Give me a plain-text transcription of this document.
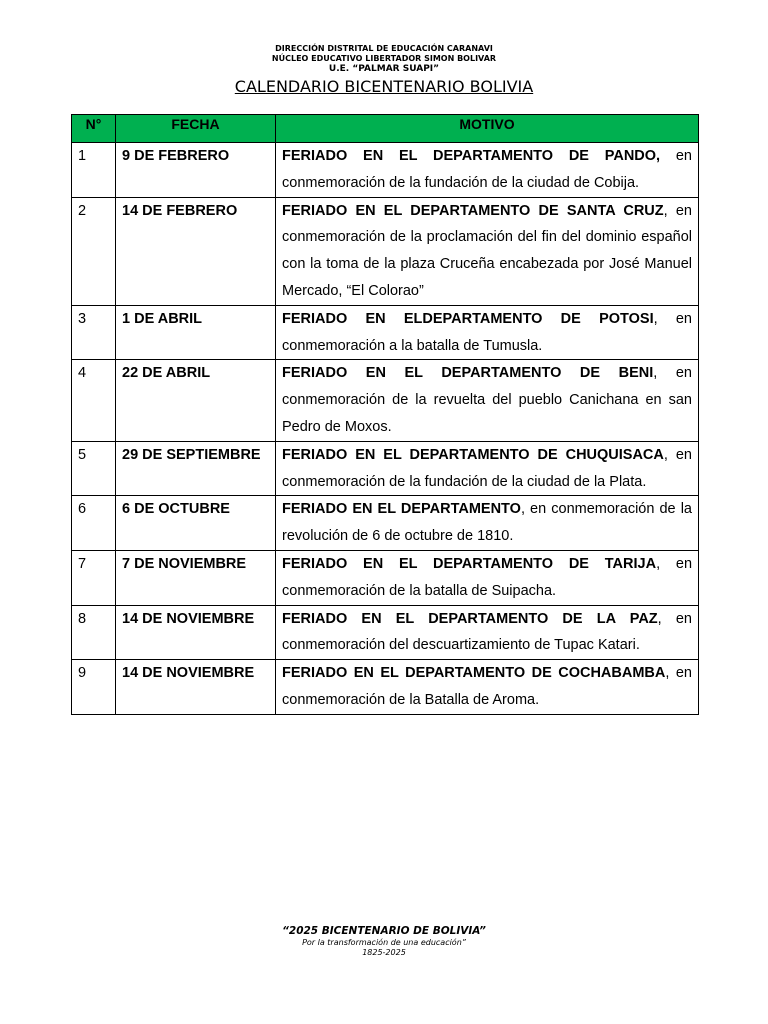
DIRECCIÓN DISTRITAL DE EDUCACIÓN CARANAVI
NÚCLEO EDUCATIVO LIBERTADOR SIMON BOLIVAR
U.E. “PALMAR SUAPI”
CALENDARIO BICENTENARIO BOLIVIA
N°	FECHA	MOTIVO
1	9 DE FEBRERO	FERIADO EN EL DEPARTAMENTO DE PANDO, en conmemoración de la fundación de la ciudad de Cobija.
2	14 DE FEBRERO	FERIADO EN EL DEPARTAMENTO DE SANTA CRUZ, en conmemoración de la proclamación del fin del dominio español con la toma de la plaza Cruceña encabezada por José Manuel Mercado, “El Colorao”
3	1 DE ABRIL	FERIADO EN ELDEPARTAMENTO DE POTOSI, en conmemoración a la batalla de Tumusla.
4	22 DE ABRIL	FERIADO EN EL DEPARTAMENTO DE BENI, en conmemoración de la revuelta del pueblo Canichana en san Pedro de Moxos.
5	29 DE SEPTIEMBRE	FERIADO EN EL DEPARTAMENTO DE CHUQUISACA, en conmemoración de la fundación de la ciudad de la Plata.
6	6 DE OCTUBRE	FERIADO EN EL DEPARTAMENTO, en conmemoración de la revolución de 6 de octubre de 1810.
7	7 DE NOVIEMBRE	FERIADO EN EL DEPARTAMENTO DE TARIJA, en conmemoración de la batalla de Suipacha.
8	14 DE NOVIEMBRE	FERIADO EN EL DEPARTAMENTO DE LA PAZ, en conmemoración del descuartizamiento de Tupac Katari.
9	14 DE NOVIEMBRE	FERIADO EN EL DEPARTAMENTO DE COCHABAMBA, en conmemoración de la Batalla de Aroma.
“2025 BICENTENARIO DE BOLIVIA”
Por la transformación de una educación”
1825-2025
